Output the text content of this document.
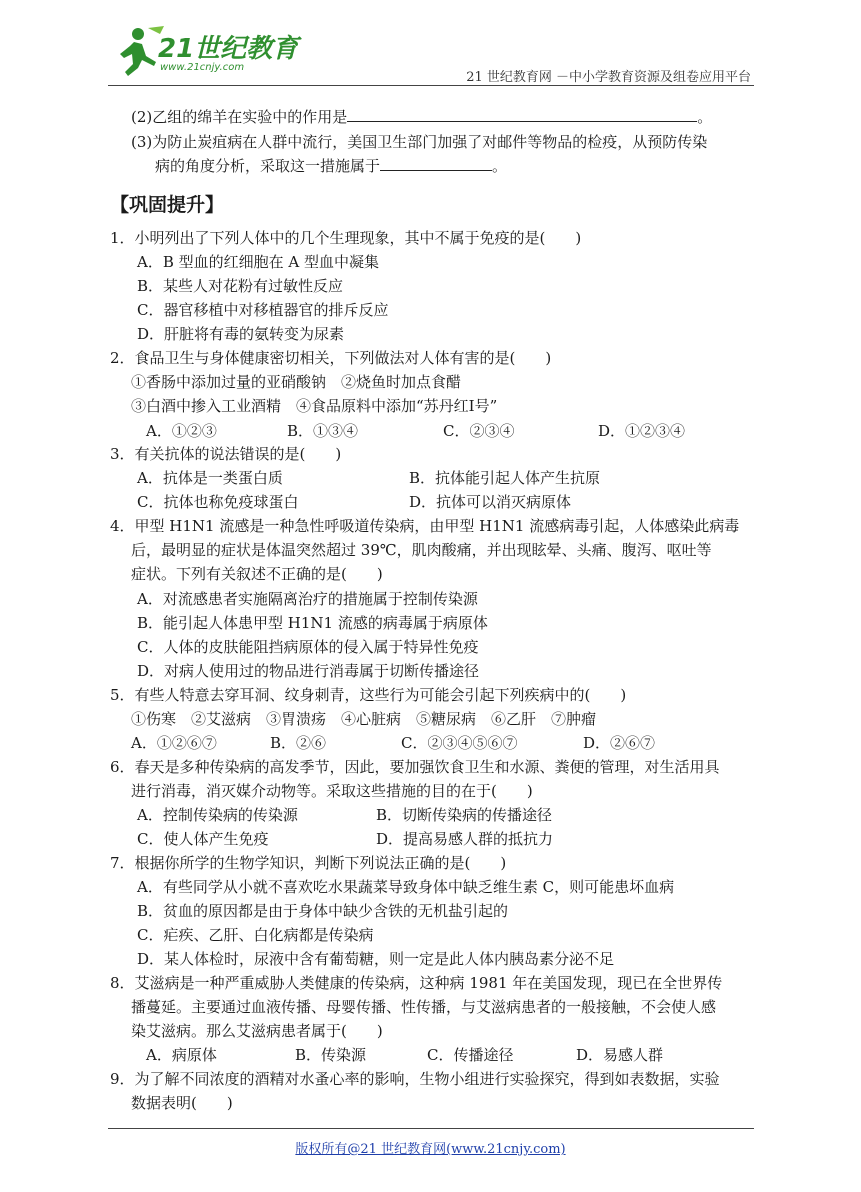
21世纪教育
www.21cnjy.com
21 世纪教育网 －中小学教育资源及组卷应用平台
(2)乙组的绵羊在实验中的作用是	。
(3)为防止炭疽病在人群中流行，美国卫生部门加强了对邮件等物品的检疫，从预防传染
病的角度分析，采取这一措施属于	。
【巩固提升】
1．小明列出了下列人体中的几个生理现象，其中不属于免疫的是(　　)
A．B 型血的红细胞在 A 型血中凝集
B．某些人对花粉有过敏性反应
C．器官移植中对移植器官的排斥反应
D．肝脏将有毒的氨转变为尿素
2．食品卫生与身体健康密切相关，下列做法对人体有害的是(　　)
①香肠中添加过量的亚硝酸钠　②烧鱼时加点食醋
③白酒中掺入工业酒精　④食品原料中添加“苏丹红Ⅰ号”
A．①②③	B．①③④	C．②③④	D．①②③④
3．有关抗体的说法错误的是(　　)
A．抗体是一类蛋白质	B．抗体能引起人体产生抗原
C．抗体也称免疫球蛋白	D．抗体可以消灭病原体
4．甲型 H1N1 流感是一种急性呼吸道传染病，由甲型 H1N1 流感病毒引起，人体感染此病毒
后，最明显的症状是体温突然超过 39℃，肌肉酸痛，并出现眩晕、头痛、腹泻、呕吐等
症状。下列有关叙述不正确的是(　　)
A．对流感患者实施隔离治疗的措施属于控制传染源
B．能引起人体患甲型 H1N1 流感的病毒属于病原体
C．人体的皮肤能阻挡病原体的侵入属于特异性免疫
D．对病人使用过的物品进行消毒属于切断传播途径
5．有些人特意去穿耳洞、纹身刺青，这些行为可能会引起下列疾病中的(　　)
①伤寒　②艾滋病　③胃溃疡　④心脏病　⑤糖尿病　⑥乙肝　⑦肿瘤
A．①②⑥⑦	B．②⑥	C．②③④⑤⑥⑦	D．②⑥⑦
6．春天是多种传染病的高发季节，因此，要加强饮食卫生和水源、粪便的管理，对生活用具
进行消毒，消灭媒介动物等。采取这些措施的目的在于(　　)
A．控制传染病的传染源	B．切断传染病的传播途径
C．使人体产生免疫	D．提高易感人群的抵抗力
7．根据你所学的生物学知识，判断下列说法正确的是(　　)
A．有些同学从小就不喜欢吃水果蔬菜导致身体中缺乏维生素 C，则可能患坏血病
B．贫血的原因都是由于身体中缺少含铁的无机盐引起的
C．疟疾、乙肝、白化病都是传染病
D．某人体检时，尿液中含有葡萄糖，则一定是此人体内胰岛素分泌不足
8．艾滋病是一种严重威胁人类健康的传染病，这种病 1981 年在美国发现，现已在全世界传
播蔓延。主要通过血液传播、母婴传播、性传播，与艾滋病患者的一般接触，不会使人感
染艾滋病。那么艾滋病患者属于(　　)
A．病原体	B．传染源	C．传播途径	D．易感人群
9．为了解不同浓度的酒精对水蚤心率的影响，生物小组进行实验探究，得到如表数据，实验
数据表明(　　)
版权所有@21 世纪教育网(www.21cnjy.com)
